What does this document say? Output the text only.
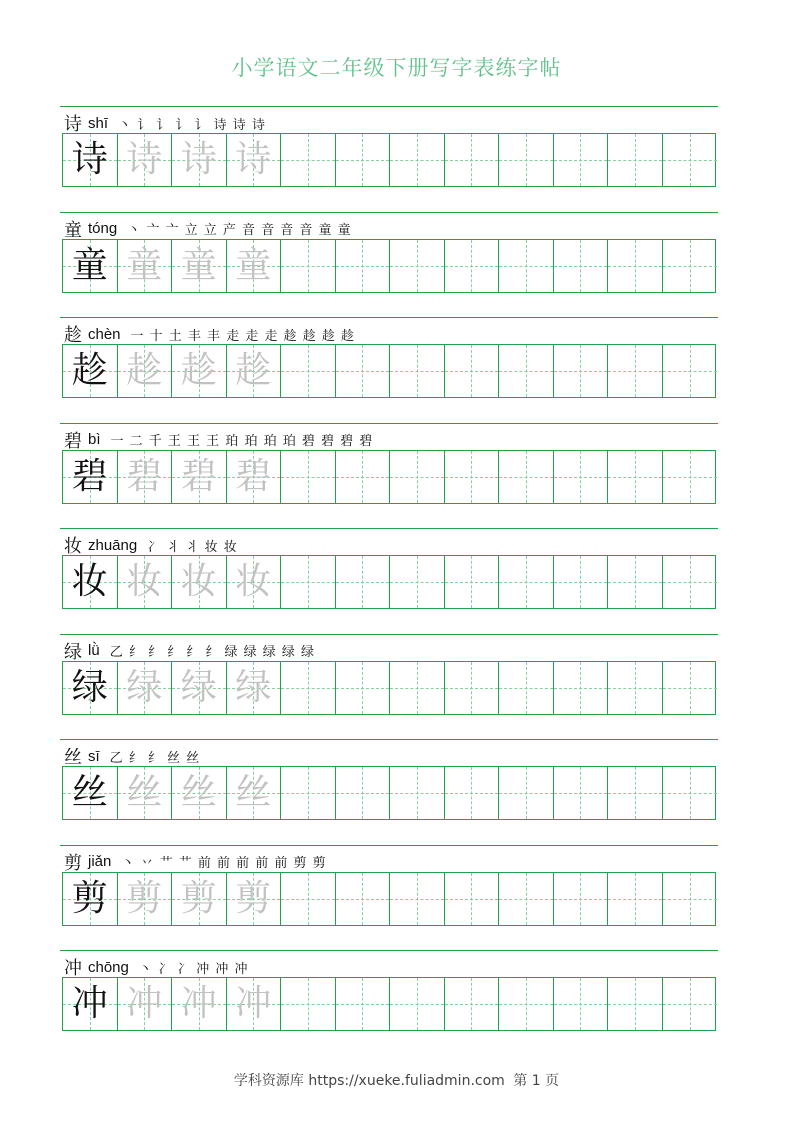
小学语文二年级下册写字表练字帖
诗 shī 丶 讠 讠 讠 讠 诗 诗 诗
诗 诗 诗 诗
童 tóng 丶 亠 亠 立 立 产 音 音 音 音 童 童
童 童 童 童
趁 chèn 一 十 土 丰 丰 走 走 走 趁 趁 趁 趁
趁 趁 趁 趁
碧 bì 一 二 千 王 王 王 珀 珀 珀 珀 碧 碧 碧 碧
碧 碧 碧 碧
妆 zhuāng 冫 丬 丬 妆 妆
妆 妆 妆 妆
绿 lǜ 乙 纟 纟 纟 纟 纟 绿 绿 绿 绿 绿
绿 绿 绿 绿
丝 sī 乙 纟 纟 丝 丝
丝 丝 丝 丝
剪 jiǎn 丶 丷 艹 艹 前 前 前 前 前 剪 剪
剪 剪 剪 剪
冲 chōng 丶 冫 冫 冲 冲 冲
冲 冲 冲 冲
学科资源库 https://xueke.fuliadmin.com 第 1 页
